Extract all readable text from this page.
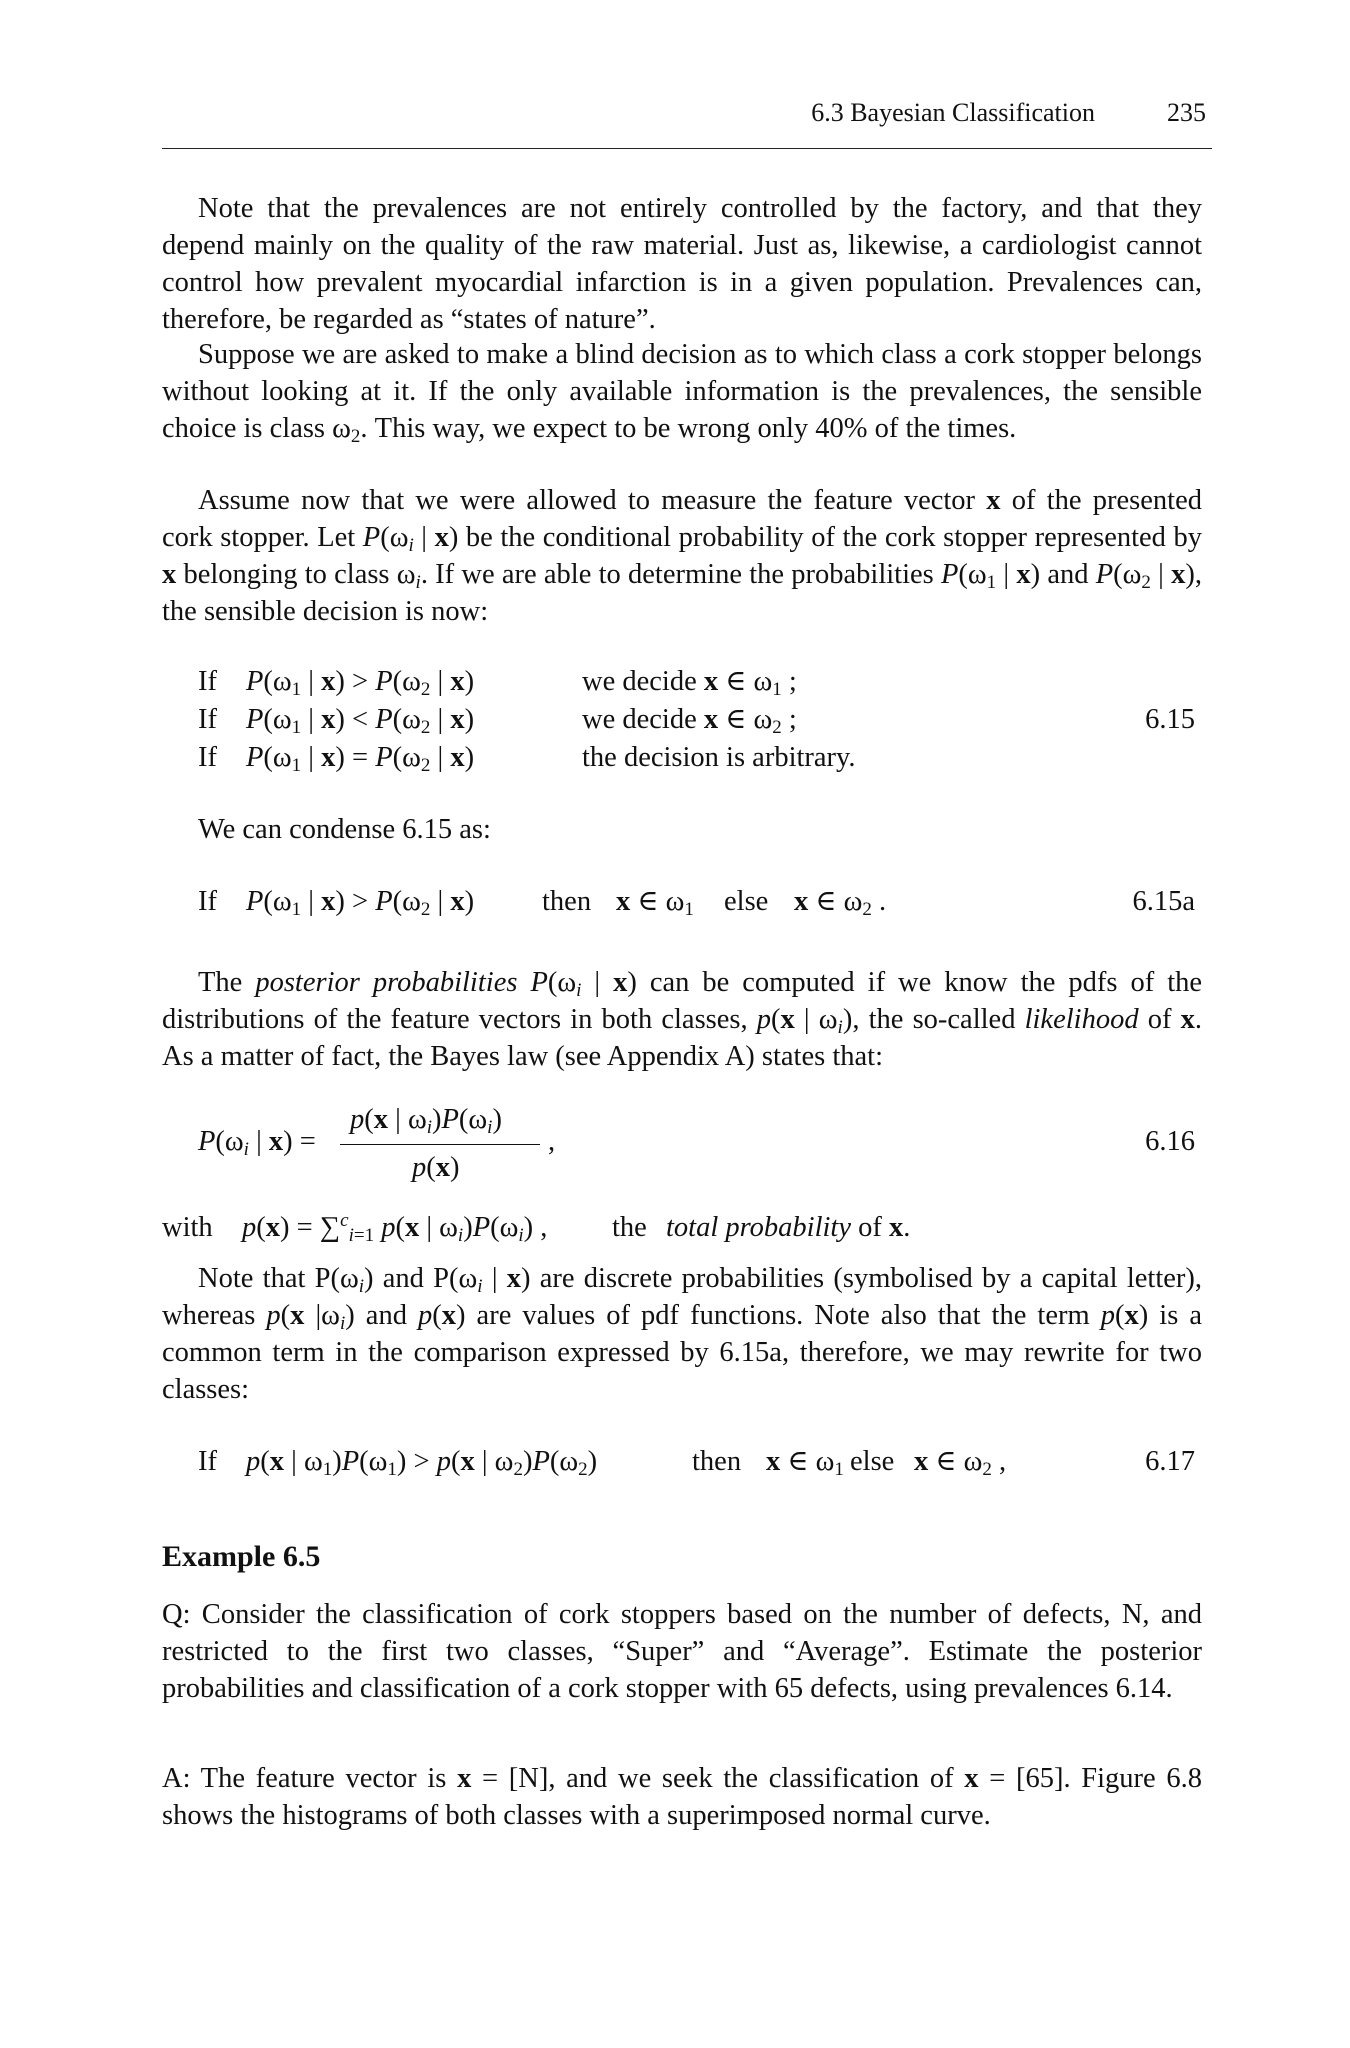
6.3 Bayesian Classification	235

Note that the prevalences are not entirely controlled by the factory, and that they depend mainly on the quality of the raw material. Just as, likewise, a cardiologist cannot control how prevalent myocardial infarction is in a given population. Prevalences can, therefore, be regarded as “states of nature”.

Suppose we are asked to make a blind decision as to which class a cork stopper belongs without looking at it. If the only available information is the prevalences, the sensible choice is class $\omega_2$. This way, we expect to be wrong only 40% of the times.

Assume now that we were allowed to measure the feature vector x of the presented cork stopper. Let $P(\omega_i$ | x) be the conditional probability of the cork stopper represented by x belonging to class $\omega_i$. If we are able to determine the probabilities $P(\omega_1$ | x) and $P(\omega_2$ | x), the sensible decision is now:

If $P(\omega_1$ | $x) > P(\omega_2$ | x)	we decide x ∈ $\omega_1$ ;
If $P(\omega_1$ | $x) < P(\omega_2$ | x)	we decide x ∈ $\omega_2$ ;	6.15
If $P(\omega_1$ | $x) = P(\omega_2$ | x)	the decision is arbitrary.
We can condense 6.15 as:
If $P(\omega_1$ | $x) > P(\omega_2$ | x) then x ∈ $\omega_1$ else x ∈ $\omega_2$ .	6.15a

The posterior probabilities $P(\omega_i$ | x) can be computed if we know the pdfs of the distributions of the feature vectors in both classes, p(x | $\omega_i$), the so-called likelihood of x. As a matter of fact, the Bayes law (see Appendix A) states that:

$P(\omega_i$ | x) =
p(x | $\omega_i)P(\omega_i)$
p(x)
,	6.16
with p(x) = ∑$^c_{i=1}$ p(x | $\omega_i)P(\omega_i)$ , the total probability of x.

Note that $P(\omega_i)$ and $P(\omega_i$ | x) are discrete probabilities (symbolised by a capital letter), whereas p(x $|\omega_i$) and p(x) are values of pdf functions. Note also that the term p(x) is a common term in the comparison expressed by 6.15a, therefore, we may rewrite for two classes:

If p(x | $\omega_1)P(\omega_1) > p(x$ | $\omega_2)P(\omega_2)$	then x ∈ $\omega_1$ else x ∈ $\omega_2$ ,	6.17
Example 6.5

Q: Consider the classification of cork stoppers based on the number of defects, N, and restricted to the first two classes, “Super” and “Average”. Estimate the posterior probabilities and classification of a cork stopper with 65 defects, using prevalences 6.14.

A: The feature vector is x = [N], and we seek the classification of x = [65]. Figure 6.8 shows the histograms of both classes with a superimposed normal curve.
